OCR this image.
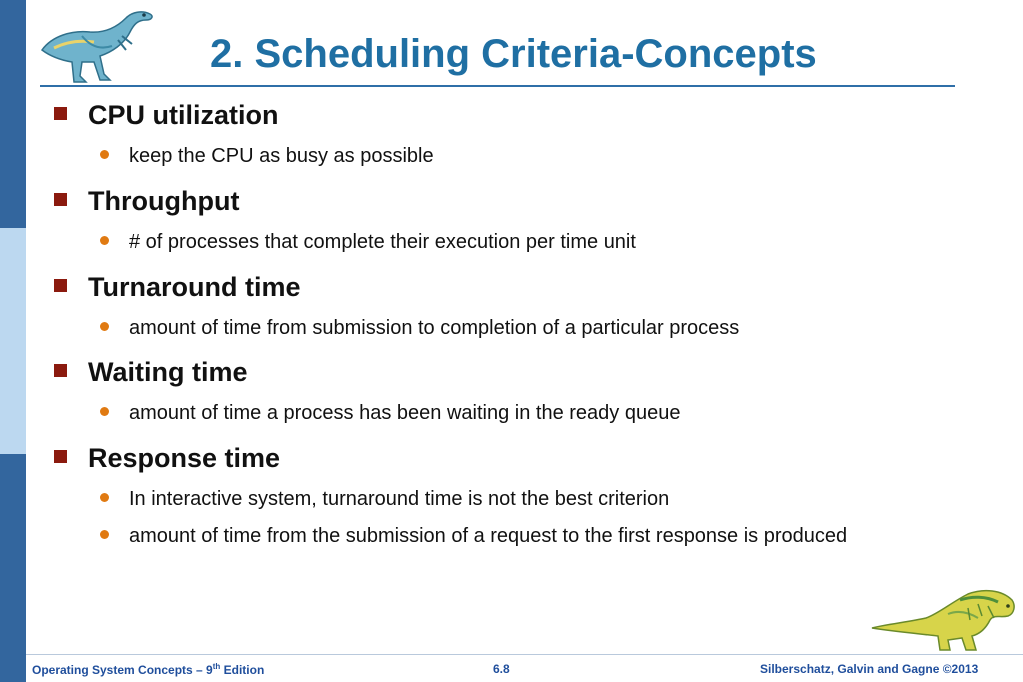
2. Scheduling Criteria-Concepts
CPU utilization
keep the CPU as busy as possible
Throughput
# of processes that complete their execution per time unit
Turnaround time
amount of time from submission to completion of a particular process
Waiting time
amount of time a process has been waiting in the ready queue
Response time
In interactive system, turnaround time is not the best criterion
amount of time from the submission of a request to the first response is produced
Operating System Concepts – 9th Edition	6.8	Silberschatz, Galvin and Gagne ©2013
